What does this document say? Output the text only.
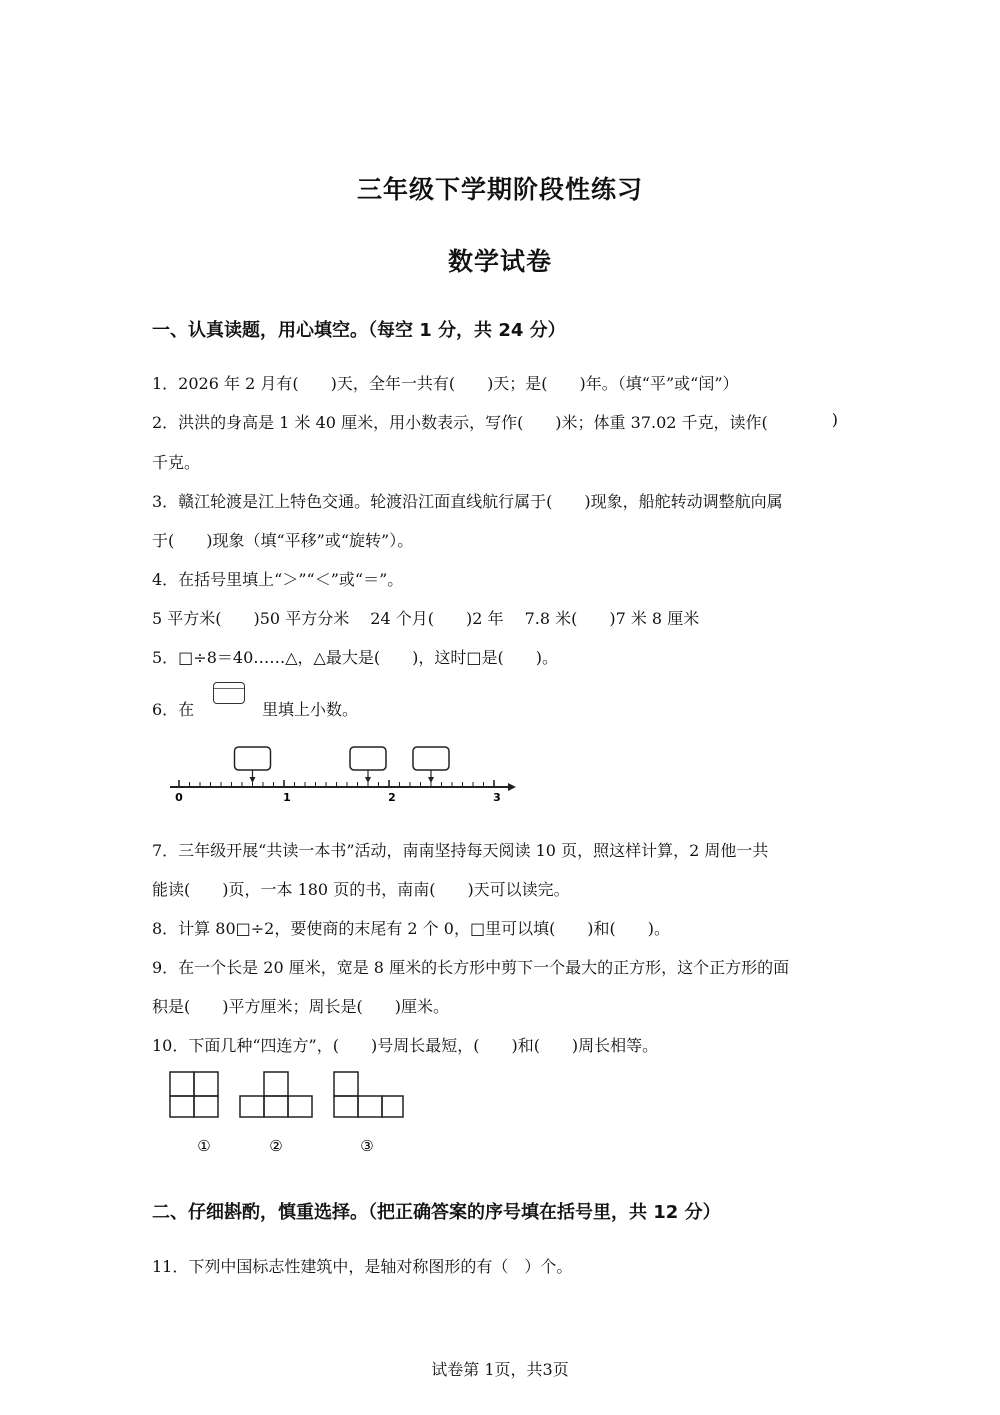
三年级下学期阶段性练习
数学试卷
一、认真读题，用心填空。（每空 1 分，共 24 分）
1．2026 年 2 月有(　　)天，全年一共有(　　)天；是(　　)年。（填“平”或“闰”）
2．洪洪的身高是 1 米 40 厘米，用小数表示，写作(　　)米；体重 37.02 千克，读作(	)
千克。
3．赣江轮渡是江上特色交通。轮渡沿江面直线航行属于(　　)现象，船舵转动调整航向属
于(　　)现象（填“平移”或“旋转”）。
4．在括号里填上“＞”“＜”或“＝”。
5 平方米(　　)50 平方分米　 24 个月(　　)2 年　 7.8 米(　　)7 米 8 厘米
5．□÷8＝40……△，△最大是(　　)，这时□是(　　)。
6．在	里填上小数。
0	1	2	3
7．三年级开展“共读一本书”活动，南南坚持每天阅读 10 页，照这样计算，2 周他一共
能读(　　)页，一本 180 页的书，南南(　　)天可以读完。
8．计算 80□÷2，要使商的末尾有 2 个 0，□里可以填(　　)和(　　)。
9．在一个长是 20 厘米，宽是 8 厘米的长方形中剪下一个最大的正方形，这个正方形的面
积是(　　)平方厘米；周长是(　　)厘米。
10．下面几种“四连方”，(　　)号周长最短，(　　)和(　　)周长相等。
①	②	③
二、仔细斟酌，慎重选择。（把正确答案的序号填在括号里，共 12 分）
11．下列中国标志性建筑中，是轴对称图形的有（　）个。
试卷第 1页，共3页
